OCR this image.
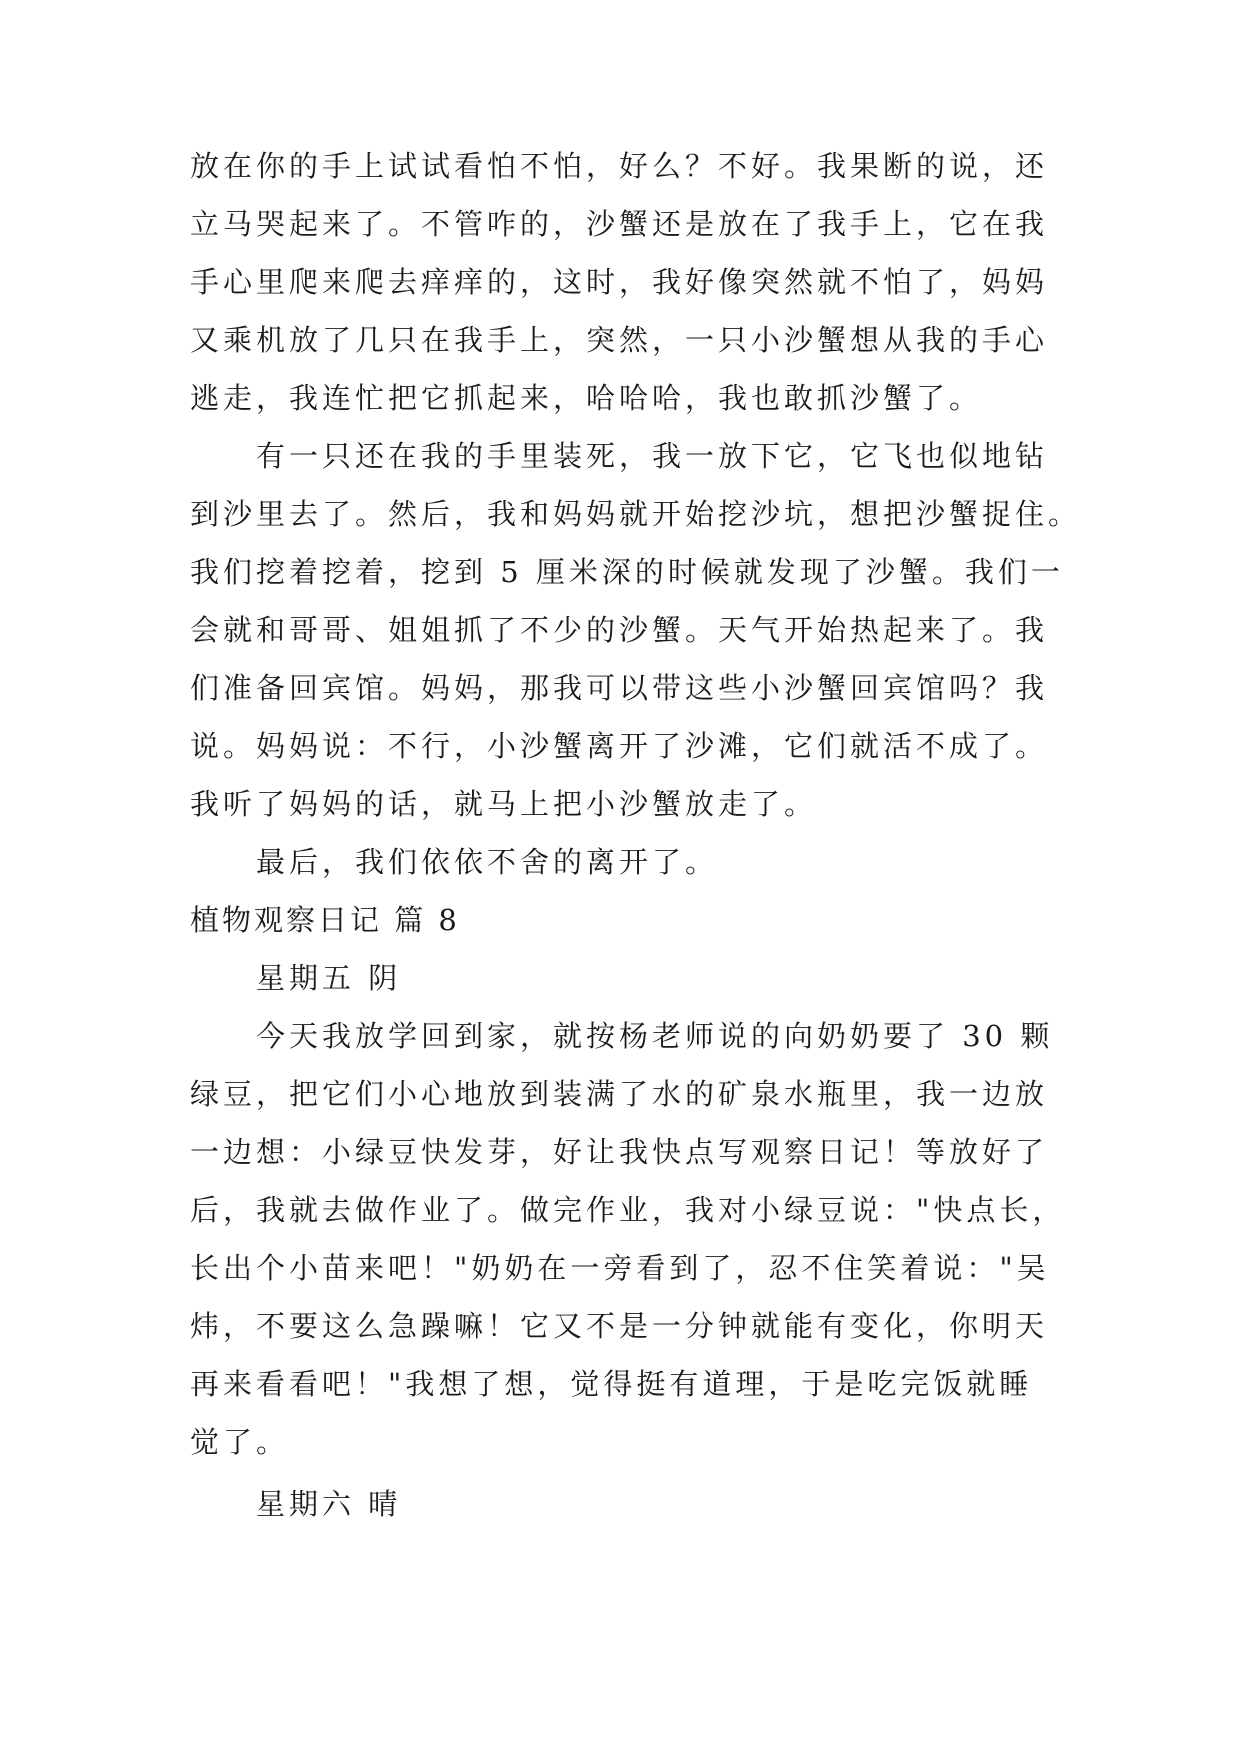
放在你的手上试试看怕不怕，好么？不好。我果断的说，还
立马哭起来了。不管咋的，沙蟹还是放在了我手上，它在我
手心里爬来爬去痒痒的，这时，我好像突然就不怕了，妈妈
又乘机放了几只在我手上，突然，一只小沙蟹想从我的手心
逃走，我连忙把它抓起来，哈哈哈，我也敢抓沙蟹了。
有一只还在我的手里装死，我一放下它，它飞也似地钻
到沙里去了。然后，我和妈妈就开始挖沙坑，想把沙蟹捉住。
我们挖着挖着，挖到 5 厘米深的时候就发现了沙蟹。我们一
会就和哥哥、姐姐抓了不少的沙蟹。天气开始热起来了。我
们准备回宾馆。妈妈，那我可以带这些小沙蟹回宾馆吗？我
说。妈妈说：不行，小沙蟹离开了沙滩，它们就活不成了。
我听了妈妈的话，就马上把小沙蟹放走了。
最后，我们依依不舍的离开了。
植物观察日记 篇 8
星期五 阴
今天我放学回到家，就按杨老师说的向奶奶要了 30 颗
绿豆，把它们小心地放到装满了水的矿泉水瓶里，我一边放
一边想：小绿豆快发芽，好让我快点写观察日记！等放好了
后，我就去做作业了。做完作业，我对小绿豆说："快点长，
长出个小苗来吧！"奶奶在一旁看到了，忍不住笑着说："吴
炜，不要这么急躁嘛！它又不是一分钟就能有变化，你明天
再来看看吧！"我想了想，觉得挺有道理，于是吃完饭就睡
觉了。
星期六 晴
